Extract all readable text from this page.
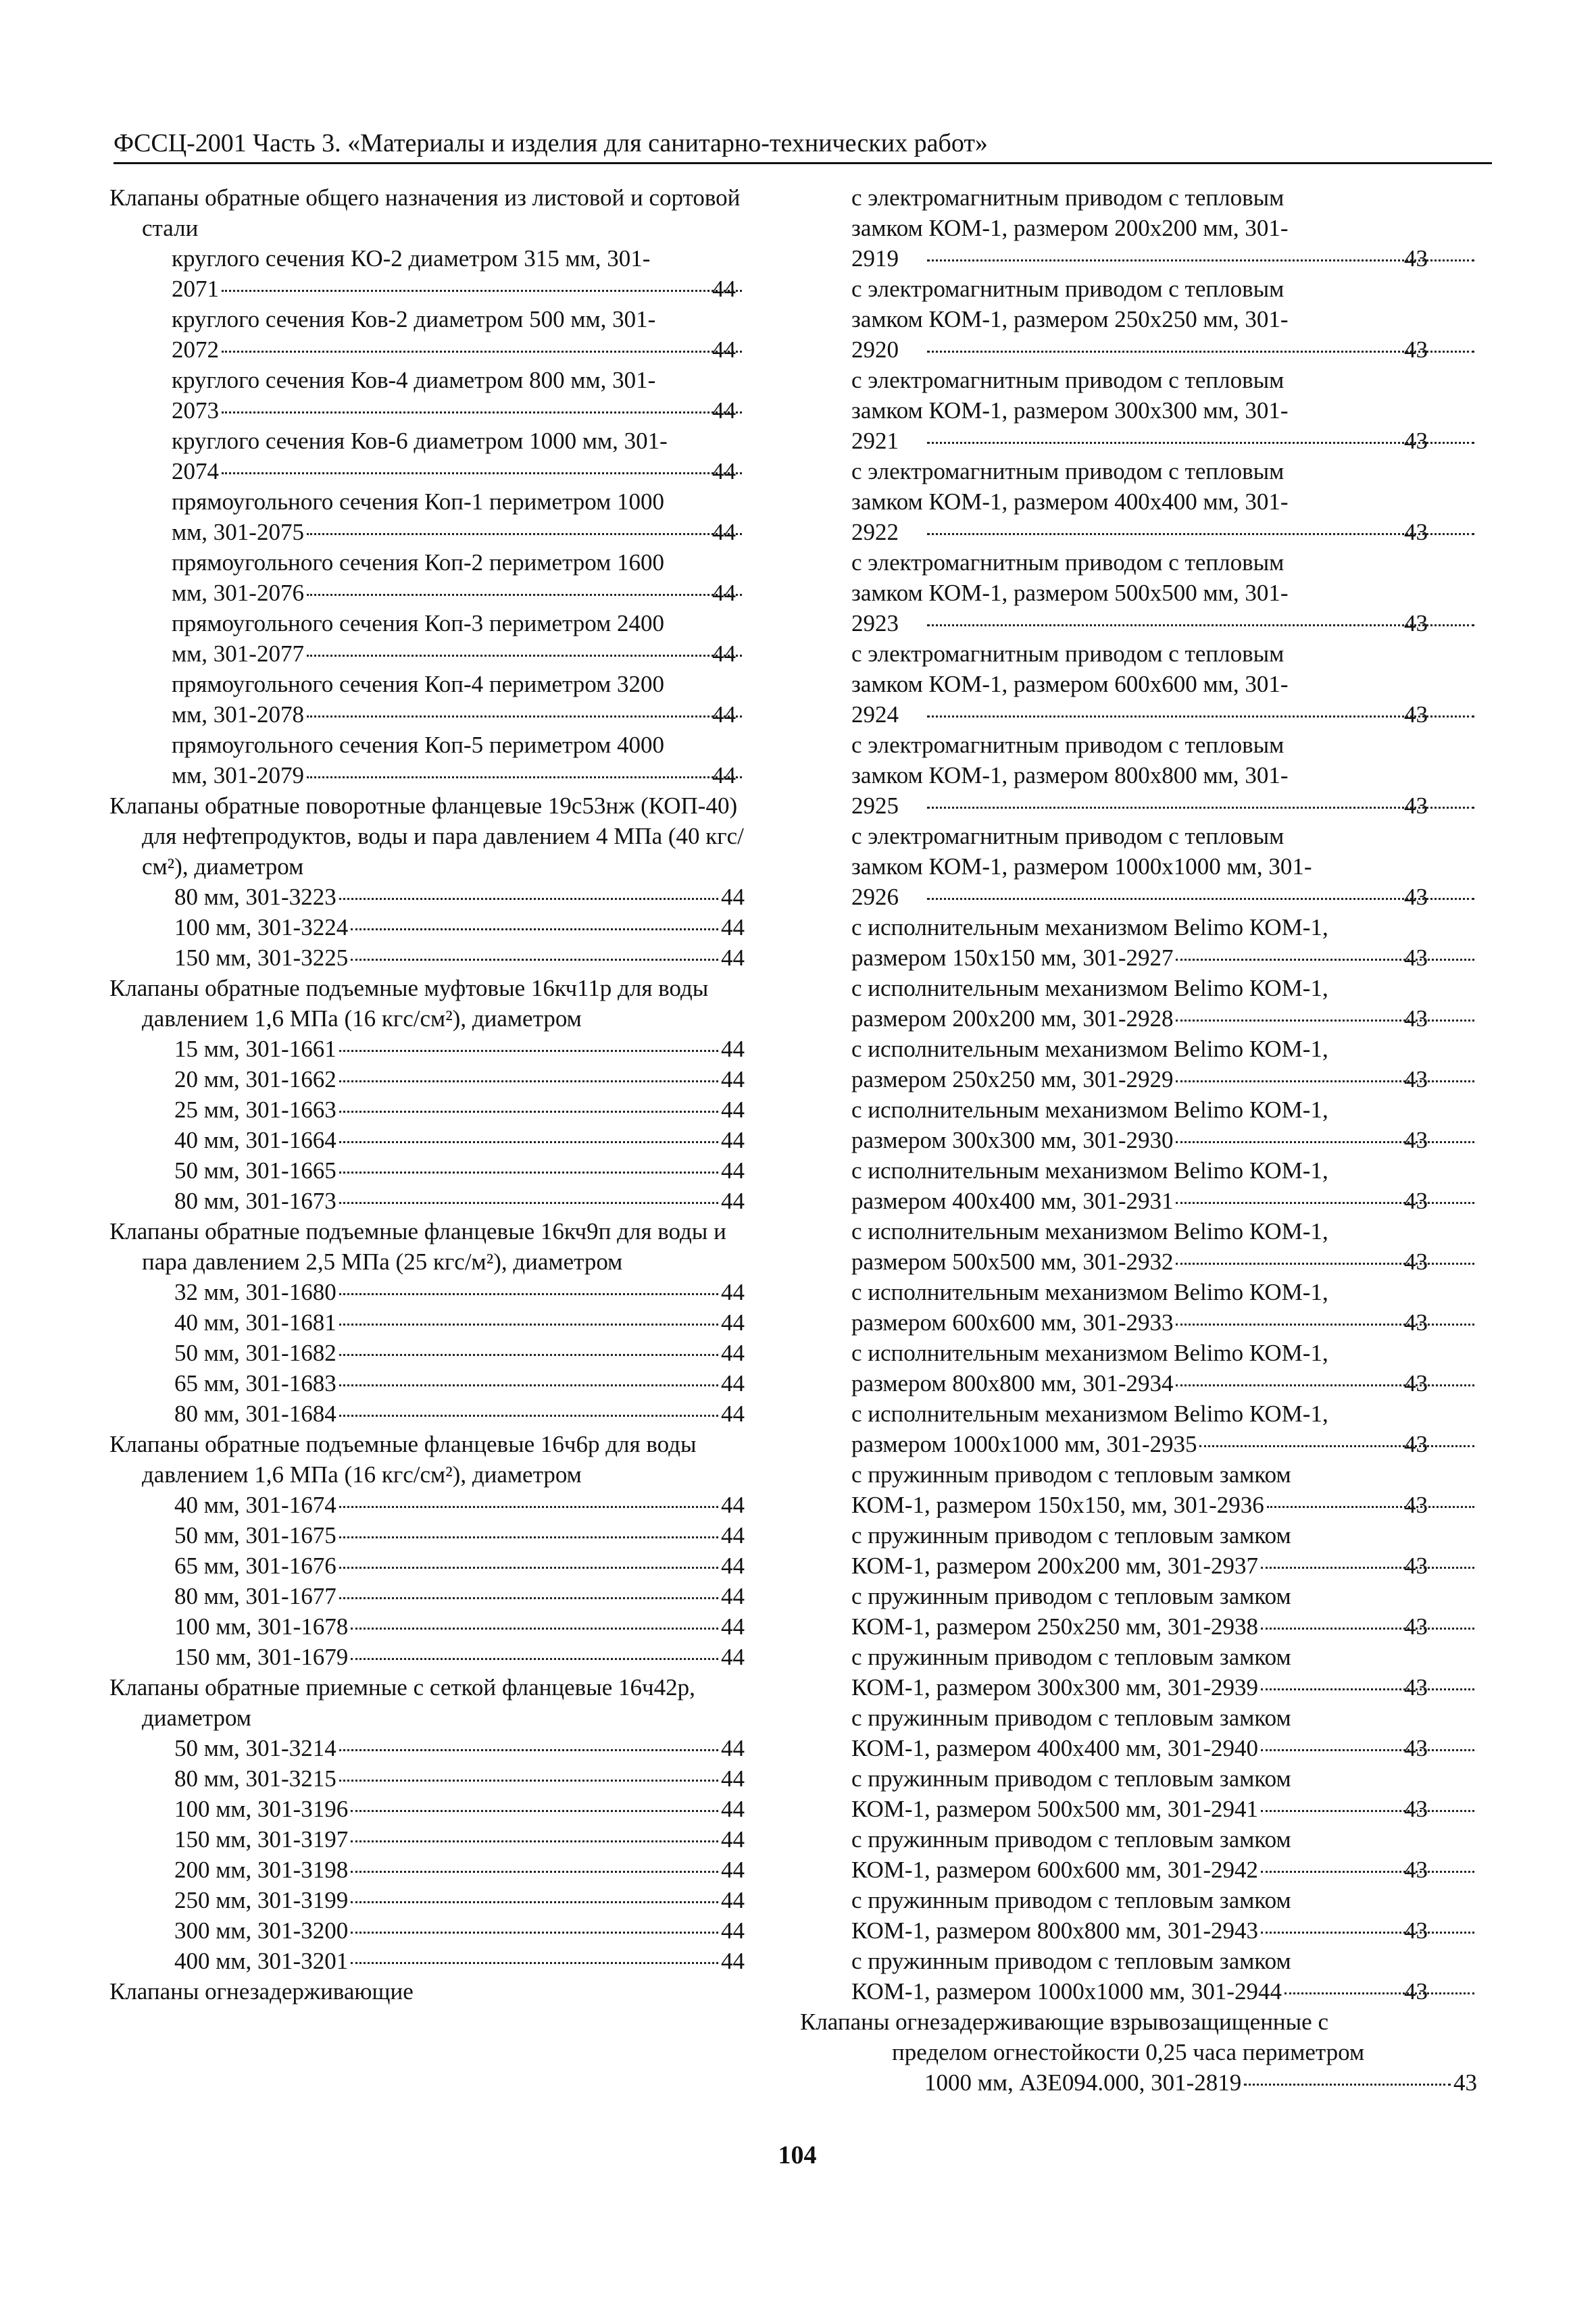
ФССЦ-2001 Часть 3. «Материалы и изделия для санитарно-технических работ»
Клапаны обратные общего назначения из листовой и сортовой стали
круглого сечения КО-2 диаметром 315 мм, 301-
2071	44
круглого сечения Ков-2 диаметром 500 мм, 301-
2072	44
круглого сечения Ков-4 диаметром 800 мм, 301-
2073	44
круглого сечения Ков-6 диаметром 1000 мм, 301-
2074	44
прямоугольного сечения Коп-1 периметром 1000
мм, 301-2075	44
прямоугольного сечения Коп-2 периметром 1600
мм, 301-2076	44
прямоугольного сечения Коп-3 периметром 2400
мм, 301-2077	44
прямоугольного сечения Коп-4 периметром 3200
мм, 301-2078	44
прямоугольного сечения Коп-5 периметром 4000
мм, 301-2079	44
Клапаны обратные поворотные фланцевые 19с53нж (КОП-40) для нефтепродуктов, воды и пара давлением 4 МПа (40 кгс/см²), диаметром
80 мм, 301-3223	44
100 мм, 301-3224	44
150 мм, 301-3225	44
Клапаны обратные подъемные муфтовые 16кч11р для воды давлением 1,6 МПа (16 кгс/см²), диаметром
15 мм, 301-1661	44
20 мм, 301-1662	44
25 мм, 301-1663	44
40 мм, 301-1664	44
50 мм, 301-1665	44
80 мм, 301-1673	44
Клапаны обратные подъемные фланцевые 16кч9п для воды и пара давлением 2,5 МПа (25 кгс/м²), диаметром
32 мм, 301-1680	44
40 мм, 301-1681	44
50 мм, 301-1682	44
65 мм, 301-1683	44
80 мм, 301-1684	44
Клапаны обратные подъемные фланцевые 16ч6р для воды давлением 1,6 МПа (16 кгс/см²), диаметром
40 мм, 301-1674	44
50 мм, 301-1675	44
65 мм, 301-1676	44
80 мм, 301-1677	44
100 мм, 301-1678	44
150 мм, 301-1679	44
Клапаны обратные приемные с сеткой фланцевые 16ч42р, диаметром
50 мм, 301-3214	44
80 мм, 301-3215	44
100 мм, 301-3196	44
150 мм, 301-3197	44
200 мм, 301-3198	44
250 мм, 301-3199	44
300 мм, 301-3200	44
400 мм, 301-3201	44
Клапаны огнезадерживающие
с электромагнитным приводом с тепловым
замком КОМ-1, размером 200x200 мм, 301-
2919	43
с электромагнитным приводом с тепловым
замком КОМ-1, размером 250x250 мм, 301-
2920	43
с электромагнитным приводом с тепловым
замком КОМ-1, размером 300x300 мм, 301-
2921	43
с электромагнитным приводом с тепловым
замком КОМ-1, размером 400x400 мм, 301-
2922	43
с электромагнитным приводом с тепловым
замком КОМ-1, размером 500x500 мм, 301-
2923	43
с электромагнитным приводом с тепловым
замком КОМ-1, размером 600x600 мм, 301-
2924	43
с электромагнитным приводом с тепловым
замком КОМ-1, размером 800x800 мм, 301-
2925	43
с электромагнитным приводом с тепловым
замком КОМ-1, размером 1000x1000 мм, 301-
2926	43
с исполнительным механизмом Belimo КОМ-1,
размером 150x150 мм, 301-2927	43
с исполнительным механизмом Belimo КОМ-1,
размером 200x200 мм, 301-2928	43
с исполнительным механизмом Belimo КОМ-1,
размером 250x250 мм, 301-2929	43
с исполнительным механизмом Belimo КОМ-1,
размером 300x300 мм, 301-2930	43
с исполнительным механизмом Belimo КОМ-1,
размером 400x400 мм, 301-2931	43
с исполнительным механизмом Belimo КОМ-1,
размером 500x500 мм, 301-2932	43
с исполнительным механизмом Belimo КОМ-1,
размером 600x600 мм, 301-2933	43
с исполнительным механизмом Belimo КОМ-1,
размером 800x800 мм, 301-2934	43
с исполнительным механизмом Belimo КОМ-1,
размером 1000x1000 мм, 301-2935	43
с пружинным приводом с тепловым замком
КОМ-1, размером 150x150, мм, 301-2936	43
с пружинным приводом с тепловым замком
КОМ-1, размером 200x200 мм, 301-2937	43
с пружинным приводом с тепловым замком
КОМ-1, размером 250x250 мм, 301-2938	43
с пружинным приводом с тепловым замком
КОМ-1, размером 300x300 мм, 301-2939	43
с пружинным приводом с тепловым замком
КОМ-1, размером 400x400 мм, 301-2940	43
с пружинным приводом с тепловым замком
КОМ-1, размером 500x500 мм, 301-2941	43
с пружинным приводом с тепловым замком
КОМ-1, размером 600x600 мм, 301-2942	43
с пружинным приводом с тепловым замком
КОМ-1, размером 800x800 мм, 301-2943	43
с пружинным приводом с тепловым замком
КОМ-1, размером 1000x1000 мм, 301-2944	43
Клапаны огнезадерживающие взрывозащищенные с
пределом огнестойкости 0,25 часа периметром
1000 мм, АЗЕ094.000, 301-2819	43
104
